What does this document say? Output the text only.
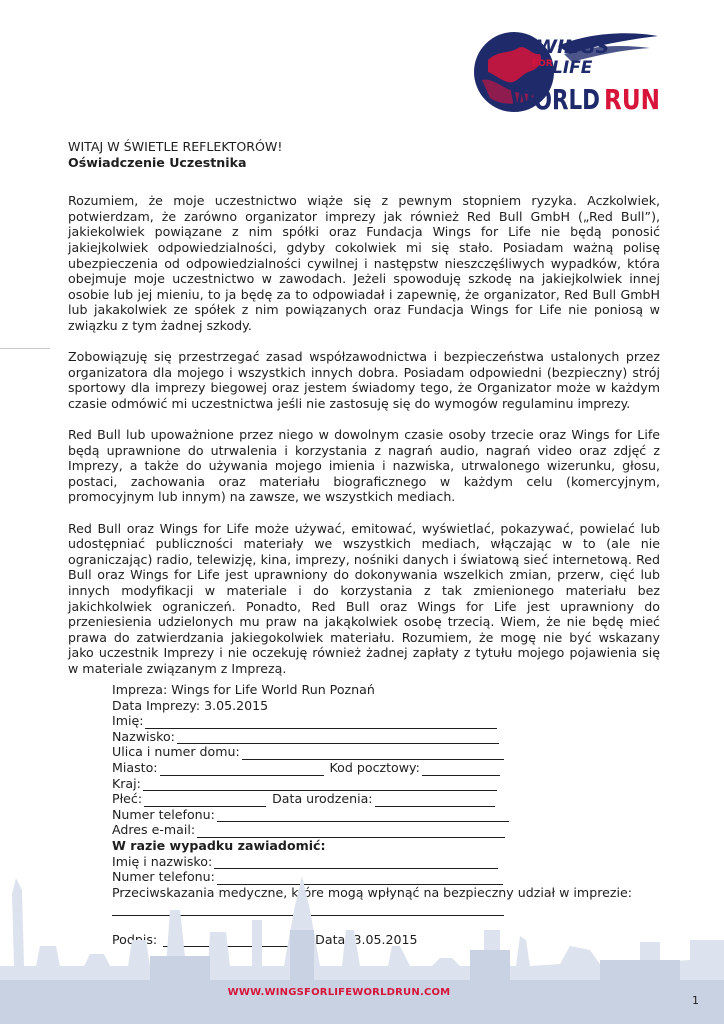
WINGS
FOR LIFE
WORLD RUN

WITAJ W ŚWIETLE REFLEKTORÓW!

Oświadczenie Uczestnika

Rozumiem, że moje uczestnictwo wiąże się z pewnym stopniem ryzyka. Aczkolwiek, potwierdzam, że zarówno organizator imprezy jak również Red Bull GmbH („Red Bull”), jakiekolwiek powiązane z nim spółki oraz Fundacja Wings for Life nie będą ponosić jakiejkolwiek odpowiedzialności, gdyby cokolwiek mi się stało. Posiadam ważną polisę ubezpieczenia od odpowiedzialności cywilnej i następstw nieszczęśliwych wypadków, która obejmuje moje uczestnictwo w zawodach. Jeżeli spowoduję szkodę na jakiejkolwiek innej osobie lub jej mieniu, to ja będę za to odpowiadał i zapewnię, że organizator, Red Bull GmbH lub jakakolwiek ze spółek z nim powiązanych oraz Fundacja Wings for Life nie poniosą w związku z tym żadnej szkody.

Zobowiązuję się przestrzegać zasad współzawodnictwa i bezpieczeństwa ustalonych przez organizatora dla mojego i wszystkich innych dobra. Posiadam odpowiedni (bezpieczny) strój sportowy dla imprezy biegowej oraz jestem świadomy tego, że Organizator może w każdym czasie odmówić mi uczestnictwa jeśli nie zastosuję się do wymogów regulaminu imprezy.

Red Bull lub upoważnione przez niego w dowolnym czasie osoby trzecie oraz Wings for Life będą uprawnione do utrwalenia i korzystania z nagrań audio, nagrań video oraz zdjęć z Imprezy, a także do używania mojego imienia i nazwiska, utrwalonego wizerunku, głosu, postaci, zachowania oraz materiału biograficznego w każdym celu (komercyjnym, promocyjnym lub innym) na zawsze, we wszystkich mediach.

Red Bull oraz Wings for Life może używać, emitować, wyświetlać, pokazywać, powielać lub udostępniać publiczności materiały we wszystkich mediach, włączając w to (ale nie ograniczając) radio, telewizję, kina, imprezy, nośniki danych i światową sieć internetową. Red Bull oraz Wings for Life jest uprawniony do dokonywania wszelkich zmian, przerw, cięć lub innych modyfikacji w materiale i do korzystania z tak zmienionego materiału bez jakichkolwiek ograniczeń. Ponadto, Red Bull oraz Wings for Life jest uprawniony do przeniesienia udzielonych mu praw na jakąkolwiek osobę trzecią. Wiem, że nie będę mieć prawa do zatwierdzania jakiegokolwiek materiału. Rozumiem, że mogę nie być wskazany jako uczestnik Imprezy i nie oczekuję również żadnej zapłaty z tytułu mojego pojawienia się w materiale związanym z Imprezą.

Impreza: Wings for Life World Run Poznań
Data Imprezy: 3.05.2015
Imię:
Nazwisko:
Ulica i numer domu:
Miasto:	Kod pocztowy:
Kraj:
Płeć:	Data urodzenia:
Numer telefonu:
Adres e-mail:
W razie wypadku zawiadomić:
Imię i nazwisko:
Numer telefonu:
Przeciwskazania medyczne, które mogą wpłynąć na bezpieczny udział w imprezie:
Podpis:	Data: 3.05.2015
WWW.WINGSFORLIFEWORLDRUN.COM
1
